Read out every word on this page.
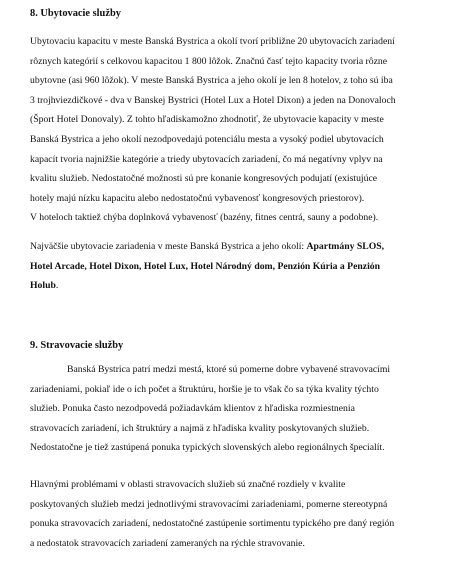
8. Ubytovacie služby
Ubytovaciu kapacitu v meste Banská Bystrica a okolí tvorí približne 20 ubytovacích zariadení
rôznych kategórií s celkovou kapacitou 1 800 lôžok. Značnú časť tejto kapacity tvoria rôzne
ubytovne (asi 960 lôžok). V meste Banská Bystrica a jeho okolí je len 8 hotelov, z toho sú iba
3 trojhviezdičkové - dva v Banskej Bystrici (Hotel Lux a Hotel Dixon) a jeden na Donovaloch
(Šport Hotel Donovaly). Z tohto hľadiskamožno zhodnotiť, že ubytovacie kapacity v meste
Banská Bystrica a jeho okolí nezodpovedajú potenciálu mesta a vysoký podiel ubytovacích
kapacít tvoria najnižšie kategórie a triedy ubytovacích zariadení, čo má negatívny vplyv na
kvalitu služieb. Nedostatočné možnosti sú pre konanie kongresových podujatí (existujúce
hotely majú nízku kapacitu alebo nedostatočnú vybavenosť kongresových priestorov).
V hoteloch taktiež chýba doplnková vybavenosť (bazény, fitnes centrá, sauny a podobne).
Najväčšie ubytovacie zariadenia v meste Banská Bystrica a jeho okolí: Apartmány SLOS,
Hotel Arcade, Hotel Dixon, Hotel Lux, Hotel Národný dom, Penzión Kúria a Penzión
Holub.
9. Stravovacie služby
Banská Bystrica patrí medzi mestá, ktoré sú pomerne dobre vybavené stravovacími
zariadeniami, pokiaľ ide o ich počet a štruktúru, horšie je to však čo sa týka kvality týchto
služieb. Ponuka často nezodpovedá požiadavkám klientov z hľadiska rozmiestnenia
stravovacích zariadení, ich štruktúry a najmä z hľadiska kvality poskytovaných služieb.
Nedostatočne je tiež zastúpená ponuka typických slovenských alebo regionálnych špecialít.
Hlavnými problémami v oblasti stravovacích služieb sú značné rozdiely v kvalite
poskytovaných služieb medzi jednotlivými stravovacími zariadeniami, pomerne stereotypná
ponuka stravovacích zariadení, nedostatočné zastúpenie sortimentu typického pre daný región
a nedostatok stravovacích zariadení zameraných na rýchle stravovanie.
